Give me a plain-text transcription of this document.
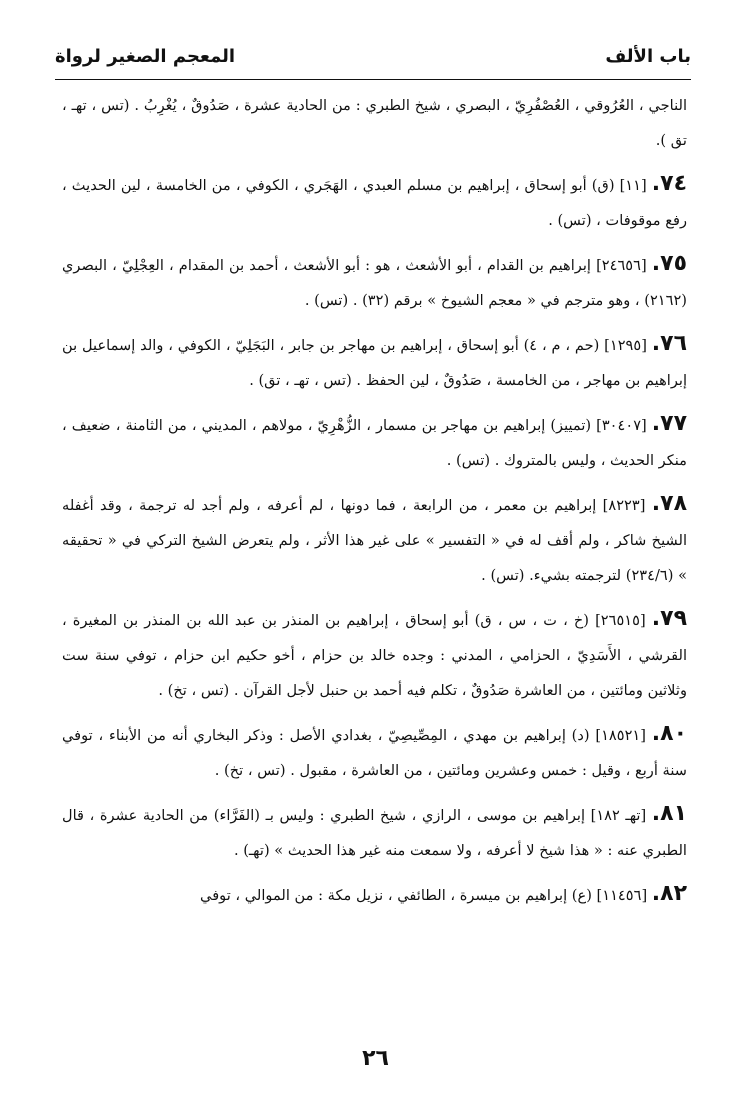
باب الألف
المعجم الصغير لرواة
الناجي ، العُرُوقي ، العُصْفُرِيّ ، البصري ، شيخ الطبري : من الحادية عشرة ، صَدُوقٌ ، يُغْرِبُ . (تس ، تهـ ، تق ).
٧٤. [١١] (ق) أبو إسحاق ، إبراهيم بن مسلم العبدي ، الهَجَري ، الكوفي ، من الخامسة ، لين الحديث ، رفع موقوفات ، (تس) .
٧٥. [٢٤٦٥٦] إبراهيم بن القدام ، أبو الأشعث ، هو : أبو الأشعث ، أحمد بن المقدام ، العِجْلِيّ ، البصري (٢١٦٢) ، وهو مترجم في « معجم الشيوخ » برقم (٣٢) . (تس) .
٧٦. [١٢٩٥] (حم ، م ، ٤) أبو إسحاق ، إبراهيم بن مهاجر بن جابر ، البَجَلِيّ ، الكوفي ، والد إسماعيل بن إبراهيم بن مهاجر ، من الخامسة ، صَدُوقٌ ، لين الحفظ . (تس ، تهـ ، تق) .
٧٧. [٣٠٤٠٧] (تمييز) إبراهيم بن مهاجر بن مسمار ، الزُّهْرِيّ ، مولاهم ، المديني ، من الثامنة ، ضعيف ، منكر الحديث ، وليس بالمتروك . (تس) .
٧٨. [٨٢٢٣] إبراهيم بن معمر ، من الرابعة ، فما دونها ، لم أعرفه ، ولم أجد له ترجمة ، وقد أغفله الشيخ شاكر ، ولم أقف له في « التفسير » على غير هذا الأثر ، ولم يتعرض الشيخ التركي في « تحقيقه » (٢٣٤/٦) لترجمته بشيء. (تس) .
٧٩. [٢٦٥١٥] (خ ، ت ، س ، ق) أبو إسحاق ، إبراهيم بن المنذر بن عبد الله بن المنذر بن المغيرة ، القرشي ، الأَسَدِيّ ، الحزامي ، المدني : وجده خالد بن حزام ، أخو حكيم ابن حزام ، توفي سنة ست وثلاثين ومائتين ، من العاشرة صَدُوقٌ ، تكلم فيه أحمد بن حنبل لأجل القرآن . (تس ، تخ) .
٨٠. [١٨٥٢١] (د) إبراهيم بن مهدي ، المِصِّيصِيّ ، بغدادي الأصل : وذكر البخاري أنه من الأبناء ، توفي سنة أربع ، وقيل : خمس وعشرين ومائتين ، من العاشرة ، مقبول . (تس ، تخ) .
٨١. [تهـ ١٨٢] إبراهيم بن موسى ، الرازي ، شيخ الطبري : وليس بـ (الفَرَّاء) من الحادية عشرة ، قال الطبري عنه : « هذا شيخ لا أعرفه ، ولا سمعت منه غير هذا الحديث » (تهـ) .
٨٢. [١١٤٥٦] (ع) إبراهيم بن ميسرة ، الطائفي ، نزيل مكة : من الموالي ، توفي
٢٦
